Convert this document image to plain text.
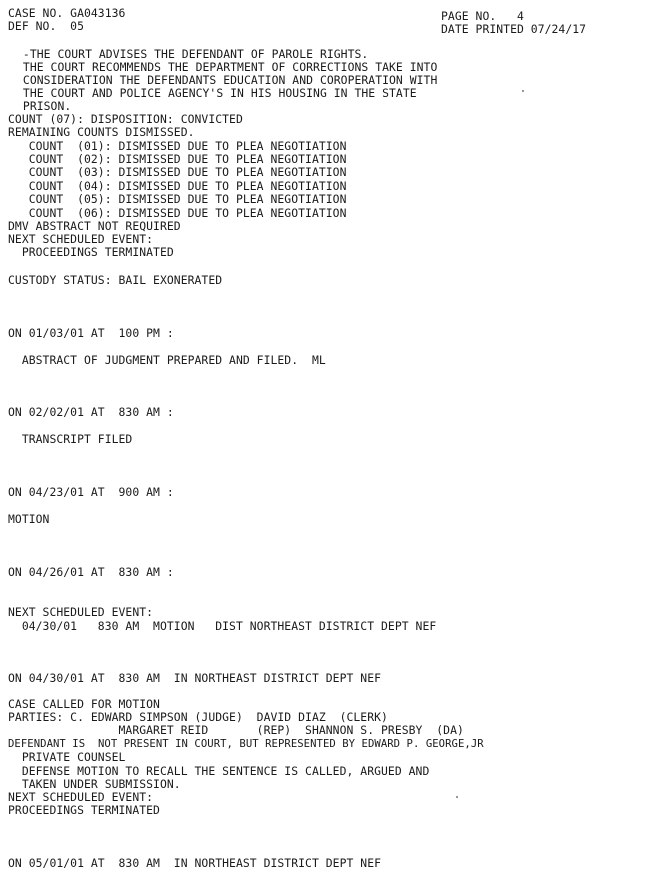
CASE NO. GA043136
DEF NO.  05
PAGE NO.   4
DATE PRINTED 07/24/17
-THE COURT ADVISES THE DEFENDANT OF PAROLE RIGHTS.
THE COURT RECOMMENDS THE DEPARTMENT OF CORRECTIONS TAKE INTO
CONSIDERATION THE DEFENDANTS EDUCATION AND COROPERATION WITH
THE COURT AND POLICE AGENCY'S IN HIS HOUSING IN THE STATE
PRISON.
COUNT (07): DISPOSITION: CONVICTED
REMAINING COUNTS DISMISSED.
COUNT  (01): DISMISSED DUE TO PLEA NEGOTIATION
COUNT  (02): DISMISSED DUE TO PLEA NEGOTIATION
COUNT  (03): DISMISSED DUE TO PLEA NEGOTIATION
COUNT  (04): DISMISSED DUE TO PLEA NEGOTIATION
COUNT  (05): DISMISSED DUE TO PLEA NEGOTIATION
COUNT  (06): DISMISSED DUE TO PLEA NEGOTIATION
DMV ABSTRACT NOT REQUIRED
NEXT SCHEDULED EVENT:
PROCEEDINGS TERMINATED
CUSTODY STATUS: BAIL EXONERATED
ON 01/03/01 AT  100 PM :
ABSTRACT OF JUDGMENT PREPARED AND FILED.  ML
ON 02/02/01 AT  830 AM :
TRANSCRIPT FILED
ON 04/23/01 AT  900 AM :
MOTION
ON 04/26/01 AT  830 AM :
NEXT SCHEDULED EVENT:
04/30/01   830 AM  MOTION   DIST NORTHEAST DISTRICT DEPT NEF
ON 04/30/01 AT  830 AM  IN NORTHEAST DISTRICT DEPT NEF
CASE CALLED FOR MOTION
PARTIES: C. EDWARD SIMPSON (JUDGE)  DAVID DIAZ  (CLERK)
MARGARET REID       (REP)  SHANNON S. PRESBY  (DA)
DEFENDANT IS  NOT PRESENT IN COURT, BUT REPRESENTED BY EDWARD P. GEORGE,JR
PRIVATE COUNSEL
DEFENSE MOTION TO RECALL THE SENTENCE IS CALLED, ARGUED AND
TAKEN UNDER SUBMISSION.
NEXT SCHEDULED EVENT:
PROCEEDINGS TERMINATED
ON 05/01/01 AT  830 AM  IN NORTHEAST DISTRICT DEPT NEF
